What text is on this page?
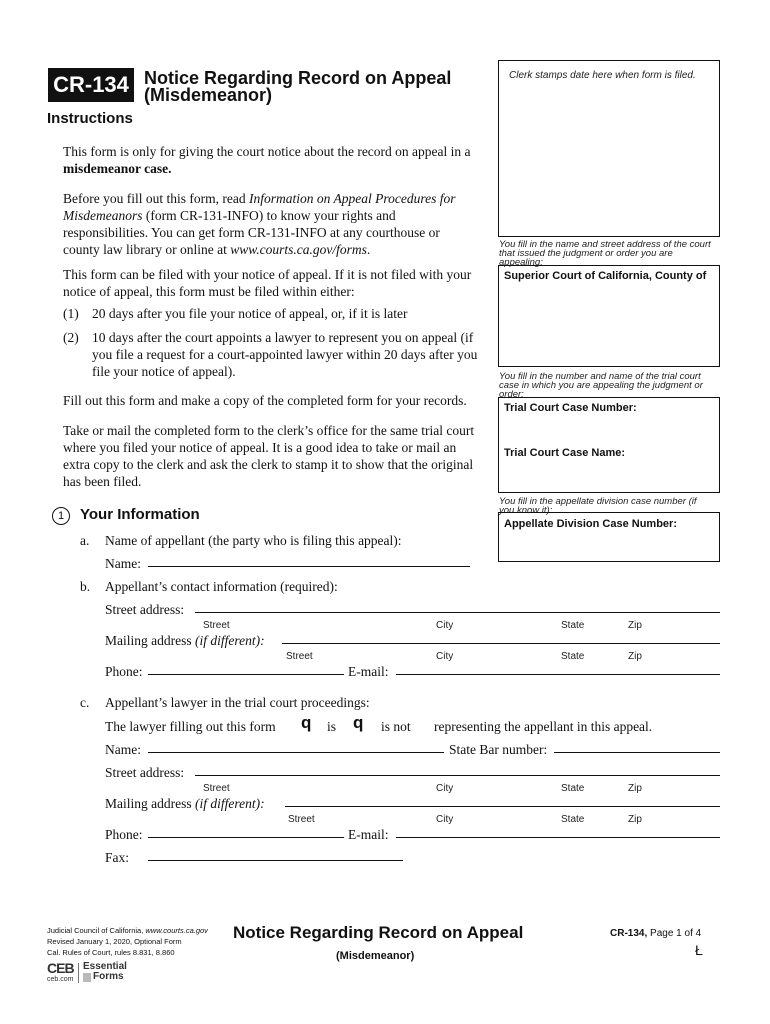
CR-134 Notice Regarding Record on Appeal
(Misdemeanor)
Clerk stamps date here when form is filed.
Instructions
This form is only for giving the court notice about the record on appeal in a
misdemeanor case.
Before you fill out this form, read Information on Appeal Procedures for
Misdemeanors (form CR-131-INFO) to know your rights and
responsibilities. You can get form CR-131-INFO at any courthouse or
county law library or online at www.courts.ca.gov/forms.
This form can be filed with your notice of appeal. If it is not filed with your
notice of appeal, this form must be filed within either:
(1) 20 days after you file your notice of appeal, or, if it is later
(2) 10 days after the court appoints a lawyer to represent you on appeal (if
you file a request for a court-appointed lawyer within 20 days after you
file your notice of appeal).
Fill out this form and make a copy of the completed form for your records.
Take or mail the completed form to the clerk’s office for the same trial court
where you filed your notice of appeal. It is a good idea to take or mail an
extra copy to the clerk and ask the clerk to stamp it to show that the original
has been filed.
You fill in the name and street address of the court
that issued the judgment or order you are
appealing:
Superior Court of California, County of
You fill in the number and name of the trial court
case in which you are appealing the judgment or
order:
Trial Court Case Number:
Trial Court Case Name:
You fill in the appellate division case number (if
you know it):
Appellate Division Case Number:
1	Your Information
a. Name of appellant (the party who is filing this appeal):
Name:
b. Appellant’s contact information (required):
Street address:
Street	City	State	Zip
Mailing address (if different):
Street	City	State	Zip
Phone:	E-mail:
c. Appellant’s lawyer in the trial court proceedings:
The lawyer filling out this form q is q is not representing the appellant in this appeal.
Name:	State Bar number:
Street address:
Street	City	State	Zip
Mailing address (if different):
Street	City	State	Zip
Phone:	E-mail:
Fax:
Judicial Council of California, www.courts.ca.gov
Revised January 1, 2020, Optional Form
Cal. Rules of Court, rules 8.831, 8.860
CEB
ceb.com
Essential
Forms
Notice Regarding Record on Appeal
(Misdemeanor)
CR-134, Page 1 of 4
Ł
